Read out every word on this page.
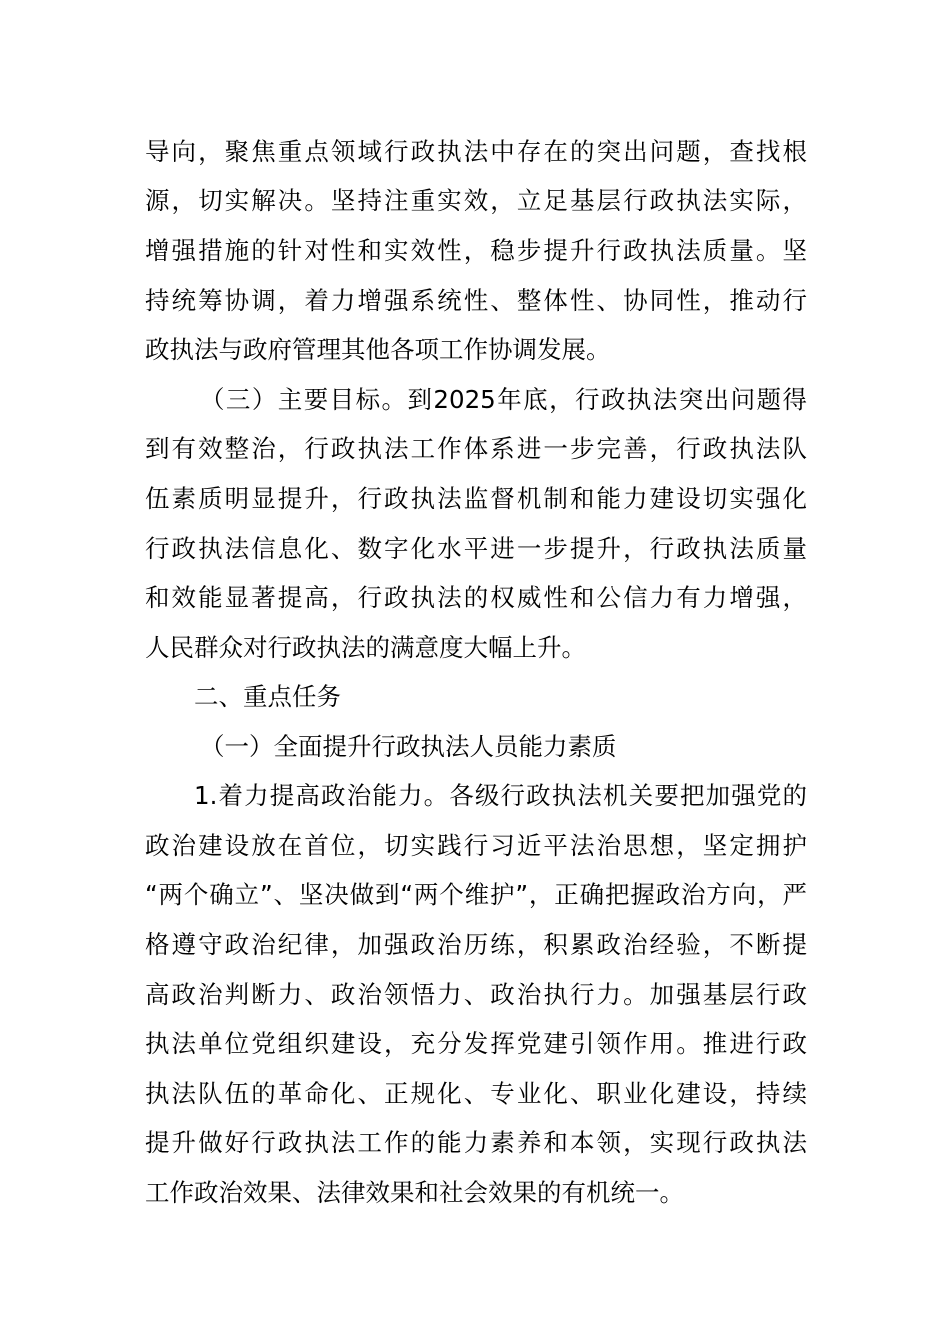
导向，聚焦重点领域行政执法中存在的突出问题，查找根
源，切实解决。坚持注重实效，立足基层行政执法实际，
增强措施的针对性和实效性，稳步提升行政执法质量。坚
持统筹协调，着力增强系统性、整体性、协同性，推动行
政执法与政府管理其他各项工作协调发展。
（三）主要目标。到2025年底，行政执法突出问题得
到有效整治，行政执法工作体系进一步完善，行政执法队
伍素质明显提升，行政执法监督机制和能力建设切实强化
行政执法信息化、数字化水平进一步提升，行政执法质量
和效能显著提高，行政执法的权威性和公信力有力增强，
人民群众对行政执法的满意度大幅上升。
二、重点任务
（一）全面提升行政执法人员能力素质
1.着力提高政治能力。各级行政执法机关要把加强党的
政治建设放在首位，切实践行习近平法治思想，坚定拥护
“两个确立”、坚决做到“两个维护”，正确把握政治方向，严
格遵守政治纪律，加强政治历练，积累政治经验，不断提
高政治判断力、政治领悟力、政治执行力。加强基层行政
执法单位党组织建设，充分发挥党建引领作用。推进行政
执法队伍的革命化、正规化、专业化、职业化建设，持续
提升做好行政执法工作的能力素养和本领，实现行政执法
工作政治效果、法律效果和社会效果的有机统一。
